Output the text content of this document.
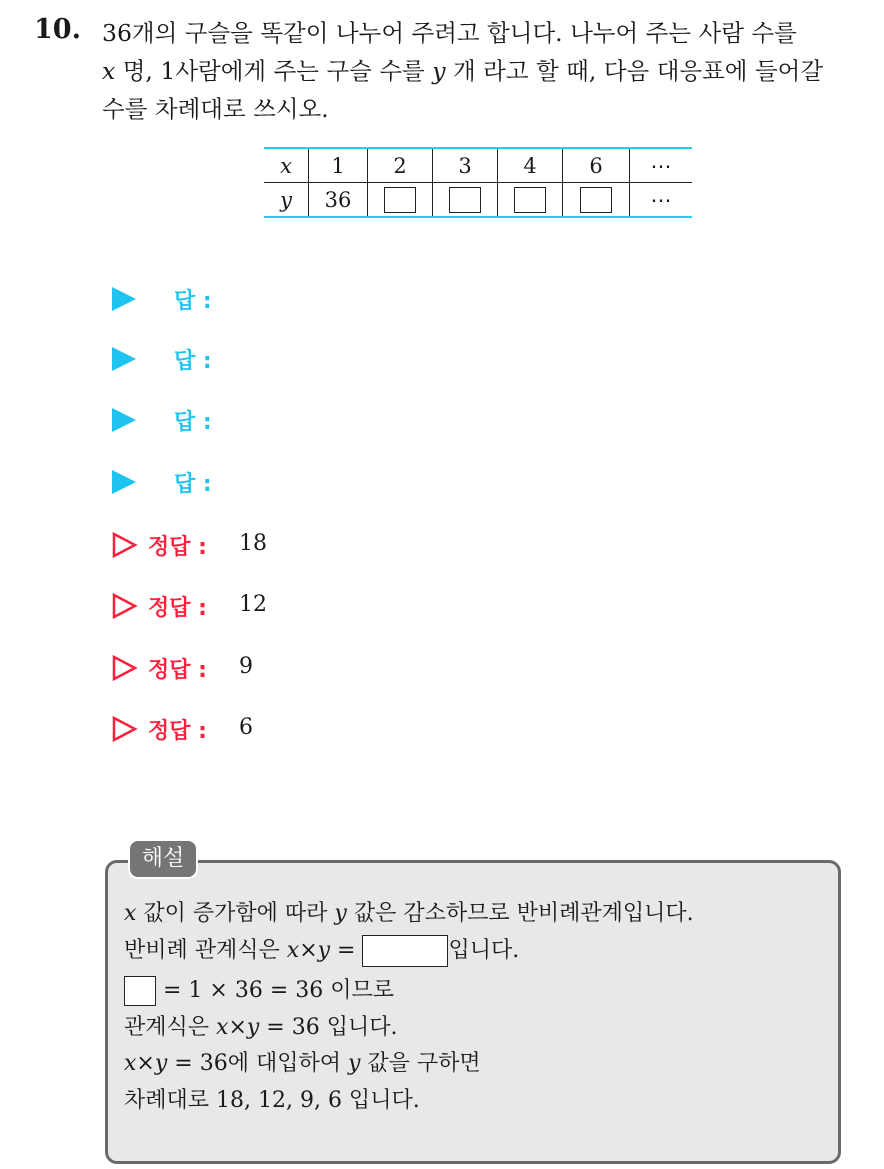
10. 36개의 구슬을 똑같이 나누어 주려고 합니다. 나누어 주는 사람 수를
x 명, 1사람에게 주는 구슬 수를 y 개 라고 할 때, 다음 대응표에 들어갈
수를 차례대로 쓰시오.
x	1	2	3	4	6	⋯
y	36					⋯
답 :
답 :
답 :
답 :
정답 : 18
정답 : 12
정답 : 9
정답 : 6
해설
x 값이 증가함에 따라 y 값은 감소하므로 반비례관계입니다.
반비례 관계식은 x×y =	입니다.
= 1 × 36 = 36 이므로
관계식은 x×y = 36 입니다.
x×y = 36에 대입하여 y 값을 구하면
차례대로 18, 12, 9, 6 입니다.
